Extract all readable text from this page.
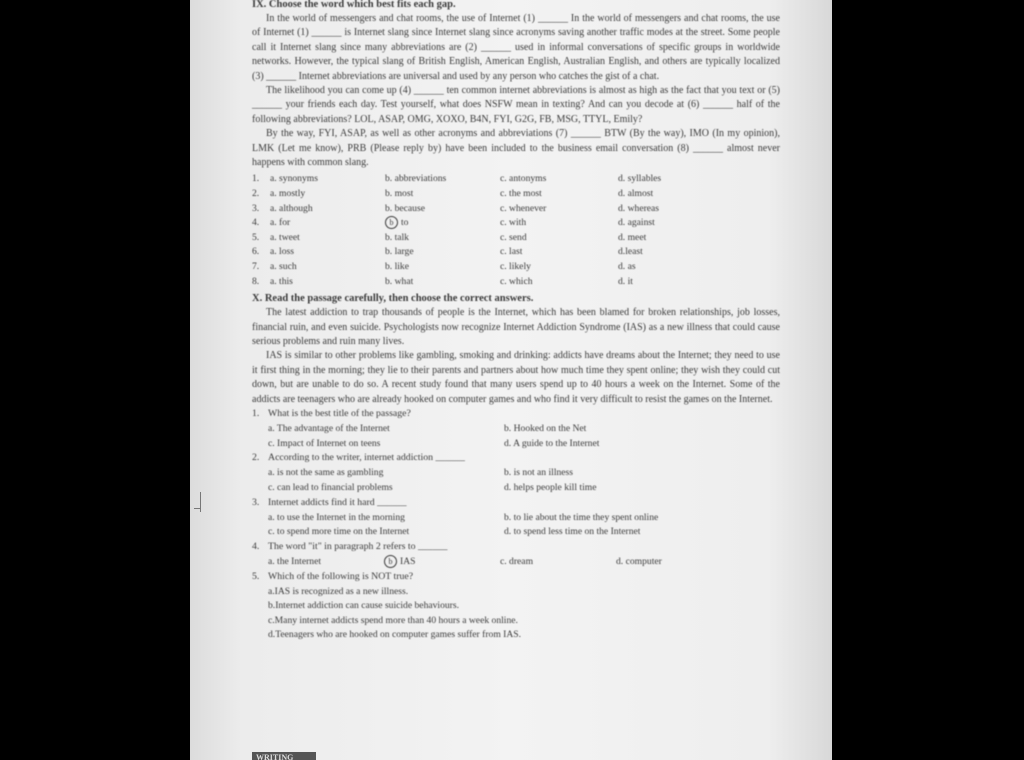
IX. Choose the word which best fits each gap.

In the world of messengers and chat rooms, the use of Internet (1) ______ In the world of messengers and chat rooms, the use of Internet (1) ______ is Internet slang since Internet slang since acronyms saving another traffic modes at the street. Some people call it Internet slang since many abbreviations are (2) ______ used in informal conversations of specific groups in worldwide networks. However, the typical slang of British English, American English, Australian English, and others are typically localized (3) ______ Internet abbreviations are universal and used by any person who catches the gist of a chat.

The likelihood you can come up (4) ______ ten common internet abbreviations is almost as high as the fact that you text or (5) ______ your friends each day. Test yourself, what does NSFW mean in texting? And can you decode at (6) ______ half of the following abbreviations? LOL, ASAP, OMG, XOXO, B4N, FYI, G2G, FB, MSG, TTYL, Emily?

By the way, FYI, ASAP, as well as other acronyms and abbreviations (7) ______ BTW (By the way), IMO (In my opinion), LMK (Let me know), PRB (Please reply by) have been included to the business email conversation (8) ______ almost never happens with common slang.

1.	a. synonyms	b. abbreviations	c. antonyms	d. syllables
2.	a. mostly	b. most	c. the most	d. almost
3.	a. although	b. because	c. whenever	d. whereas
4.	a. for	b to	c. with	d. against
5.	a. tweet	b. talk	c. send	d. meet
6.	a. loss	b. large	c. last	d.least
7.	a. such	b. like	c. likely	d. as
8.	a. this	b. what	c. which	d. it

X. Read the passage carefully, then choose the correct answers.

The latest addiction to trap thousands of people is the Internet, which has been blamed for broken relationships, job losses, financial ruin, and even suicide. Psychologists now recognize Internet Addiction Syndrome (IAS) as a new illness that could cause serious problems and ruin many lives.

IAS is similar to other problems like gambling, smoking and drinking: addicts have dreams about the Internet; they need to use it first thing in the morning; they lie to their parents and partners about how much time they spent online; they wish they could cut down, but are unable to do so. A recent study found that many users spend up to 40 hours a week on the Internet. Some of the addicts are teenagers who are already hooked on computer games and who find it very difficult to resist the games on the Internet.

1. What is the best title of the passage?
a. The advantage of the Internet	b. Hooked on the Net
c. Impact of Internet on teens	d. A guide to the Internet
2. According to the writer, internet addiction ______
a. is not the same as gambling	b. is not an illness
c. can lead to financial problems	d. helps people kill time
3. Internet addicts find it hard ______
a. to use the Internet in the morning	b. to lie about the time they spent online
c. to spend more time on the Internet	d. to spend less time on the Internet
4. The word "it" in paragraph 2 refers to ______
a. the Internet	b IAS	c. dream	d. computer
5. Which of the following is NOT true?
a.IAS is recognized as a new illness.
b.Internet addiction can cause suicide behaviours.
c.Many internet addicts spend more than 40 hours a week online.
d.Teenagers who are hooked on computer games suffer from IAS.
WRITING
